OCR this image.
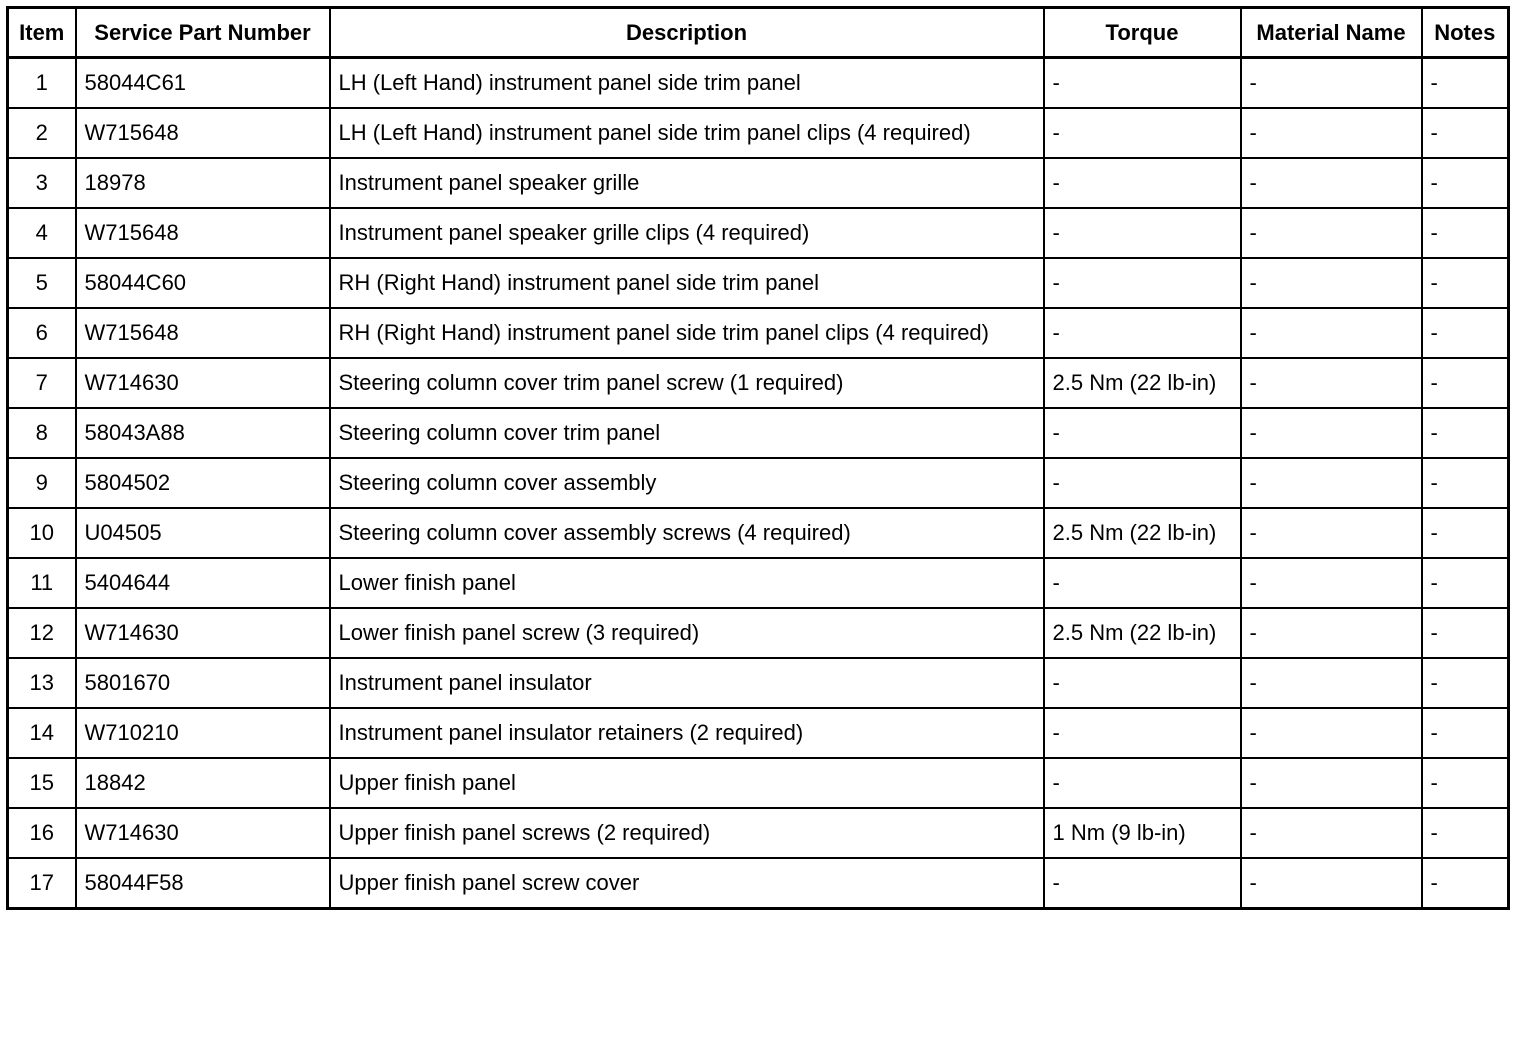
Item	Service Part Number	Description	Torque	Material Name	Notes
1	58044C61	LH (Left Hand) instrument panel side trim panel	-	-	-
2	W715648	LH (Left Hand) instrument panel side trim panel clips (4 required)	-	-	-
3	18978	Instrument panel speaker grille	-	-	-
4	W715648	Instrument panel speaker grille clips (4 required)	-	-	-
5	58044C60	RH (Right Hand) instrument panel side trim panel	-	-	-
6	W715648	RH (Right Hand) instrument panel side trim panel clips (4 required)	-	-	-
7	W714630	Steering column cover trim panel screw (1 required)	2.5 Nm (22 lb-in)	-	-
8	58043A88	Steering column cover trim panel	-	-	-
9	5804502	Steering column cover assembly	-	-	-
10	U04505	Steering column cover assembly screws (4 required)	2.5 Nm (22 lb-in)	-	-
11	5404644	Lower finish panel	-	-	-
12	W714630	Lower finish panel screw (3 required)	2.5 Nm (22 lb-in)	-	-
13	5801670	Instrument panel insulator	-	-	-
14	W710210	Instrument panel insulator retainers (2 required)	-	-	-
15	18842	Upper finish panel	-	-	-
16	W714630	Upper finish panel screws (2 required)	1 Nm (9 lb-in)	-	-
17	58044F58	Upper finish panel screw cover	-	-	-
